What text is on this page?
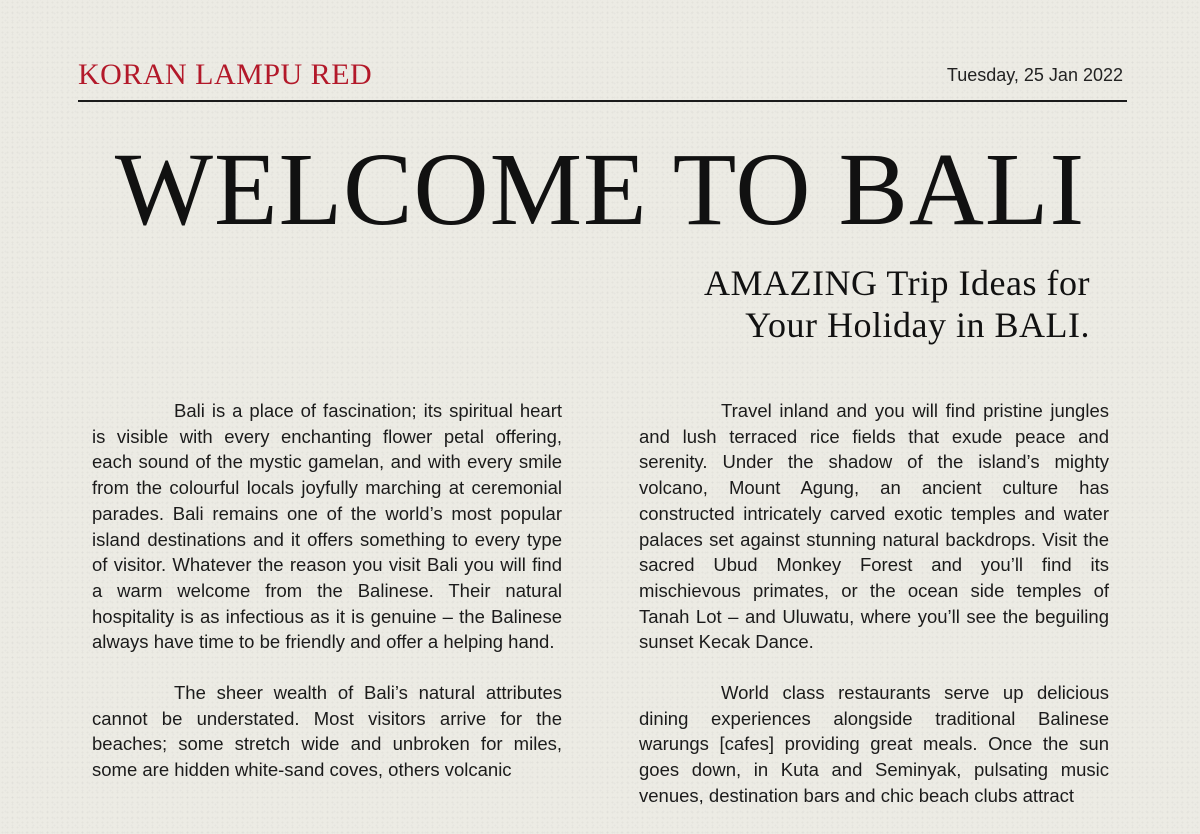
KORAN LAMPU RED	Tuesday, 25 Jan 2022
WELCOME TO BALI
AMAZING Trip Ideas for
Your Holiday in BALI.

Bali is a place of fascination; its spiritual heart is visible with every enchanting flower petal offering, each sound of the mystic gamelan, and with every smile from the colourful locals joyfully marching at ceremonial parades. Bali remains one of the world’s most popular island destinations and it offers something to every type of visitor. Whatever the reason you visit Bali you will find a warm welcome from the Balinese. Their natural hospitality is as infectious as it is genuine – the Balinese always have time to be friendly and offer a helping hand.

The sheer wealth of Bali’s natural attributes cannot be understated. Most visitors arrive for the beaches; some stretch wide and unbroken for miles, some are hidden white-sand coves, others volcanic

Travel inland and you will find pristine jungles and lush terraced rice fields that exude peace and serenity. Under the shadow of the island’s mighty volcano, Mount Agung, an ancient culture has constructed intricately carved exotic temples and water palaces set against stunning natural backdrops. Visit the sacred Ubud Monkey Forest and you’ll find its mischievous primates, or the ocean side temples of Tanah Lot – and Uluwatu, where you’ll see the beguiling sunset Kecak Dance.

World class restaurants serve up delicious dining experiences alongside traditional Balinese warungs [cafes] providing great meals. Once the sun goes down, in Kuta and Seminyak, pulsating music venues, destination bars and chic beach clubs attract
